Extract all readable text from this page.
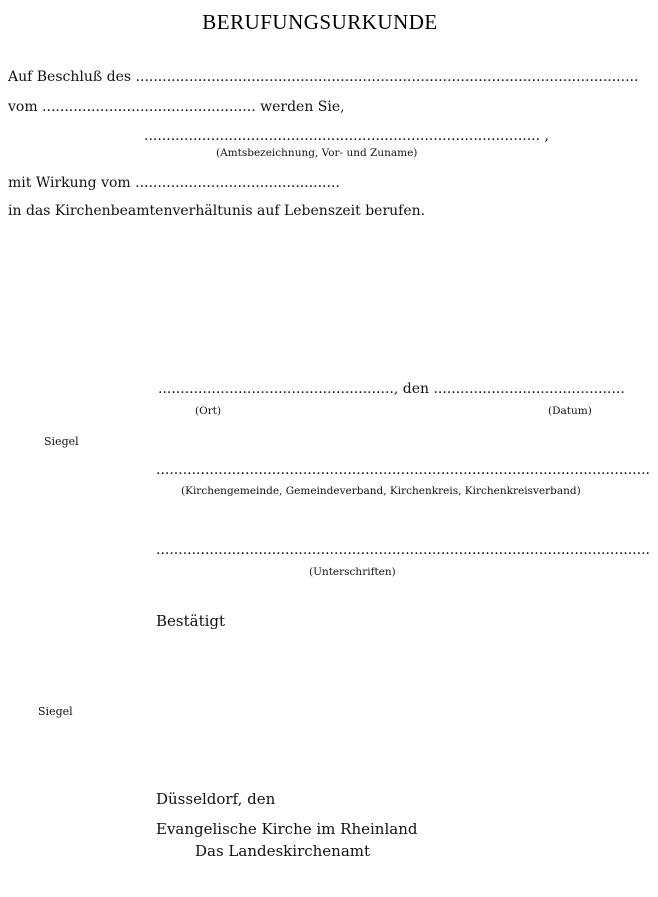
BERUFUNGSURKUNDE
Auf Beschluß des .................................................................................................................
vom ................................................ werden Sie,
......................................................................................... ,
(Amtsbezeichnung, Vor- und Zuname)
mit Wirkung vom ..............................................
in das Kirchenbeamtenverhältunis auf Lebenszeit berufen.
....................................................., den ...........................................
(Ort)	(Datum)
Siegel
...............................................................................................................
(Kirchengemeinde, Gemeindeverband, Kirchenkreis, Kirchenkreisverband)
...............................................................................................................
(Unterschriften)
Bestätigt
Siegel
Düsseldorf, den
Evangelische Kirche im Rheinland
Das Landeskirchenamt
